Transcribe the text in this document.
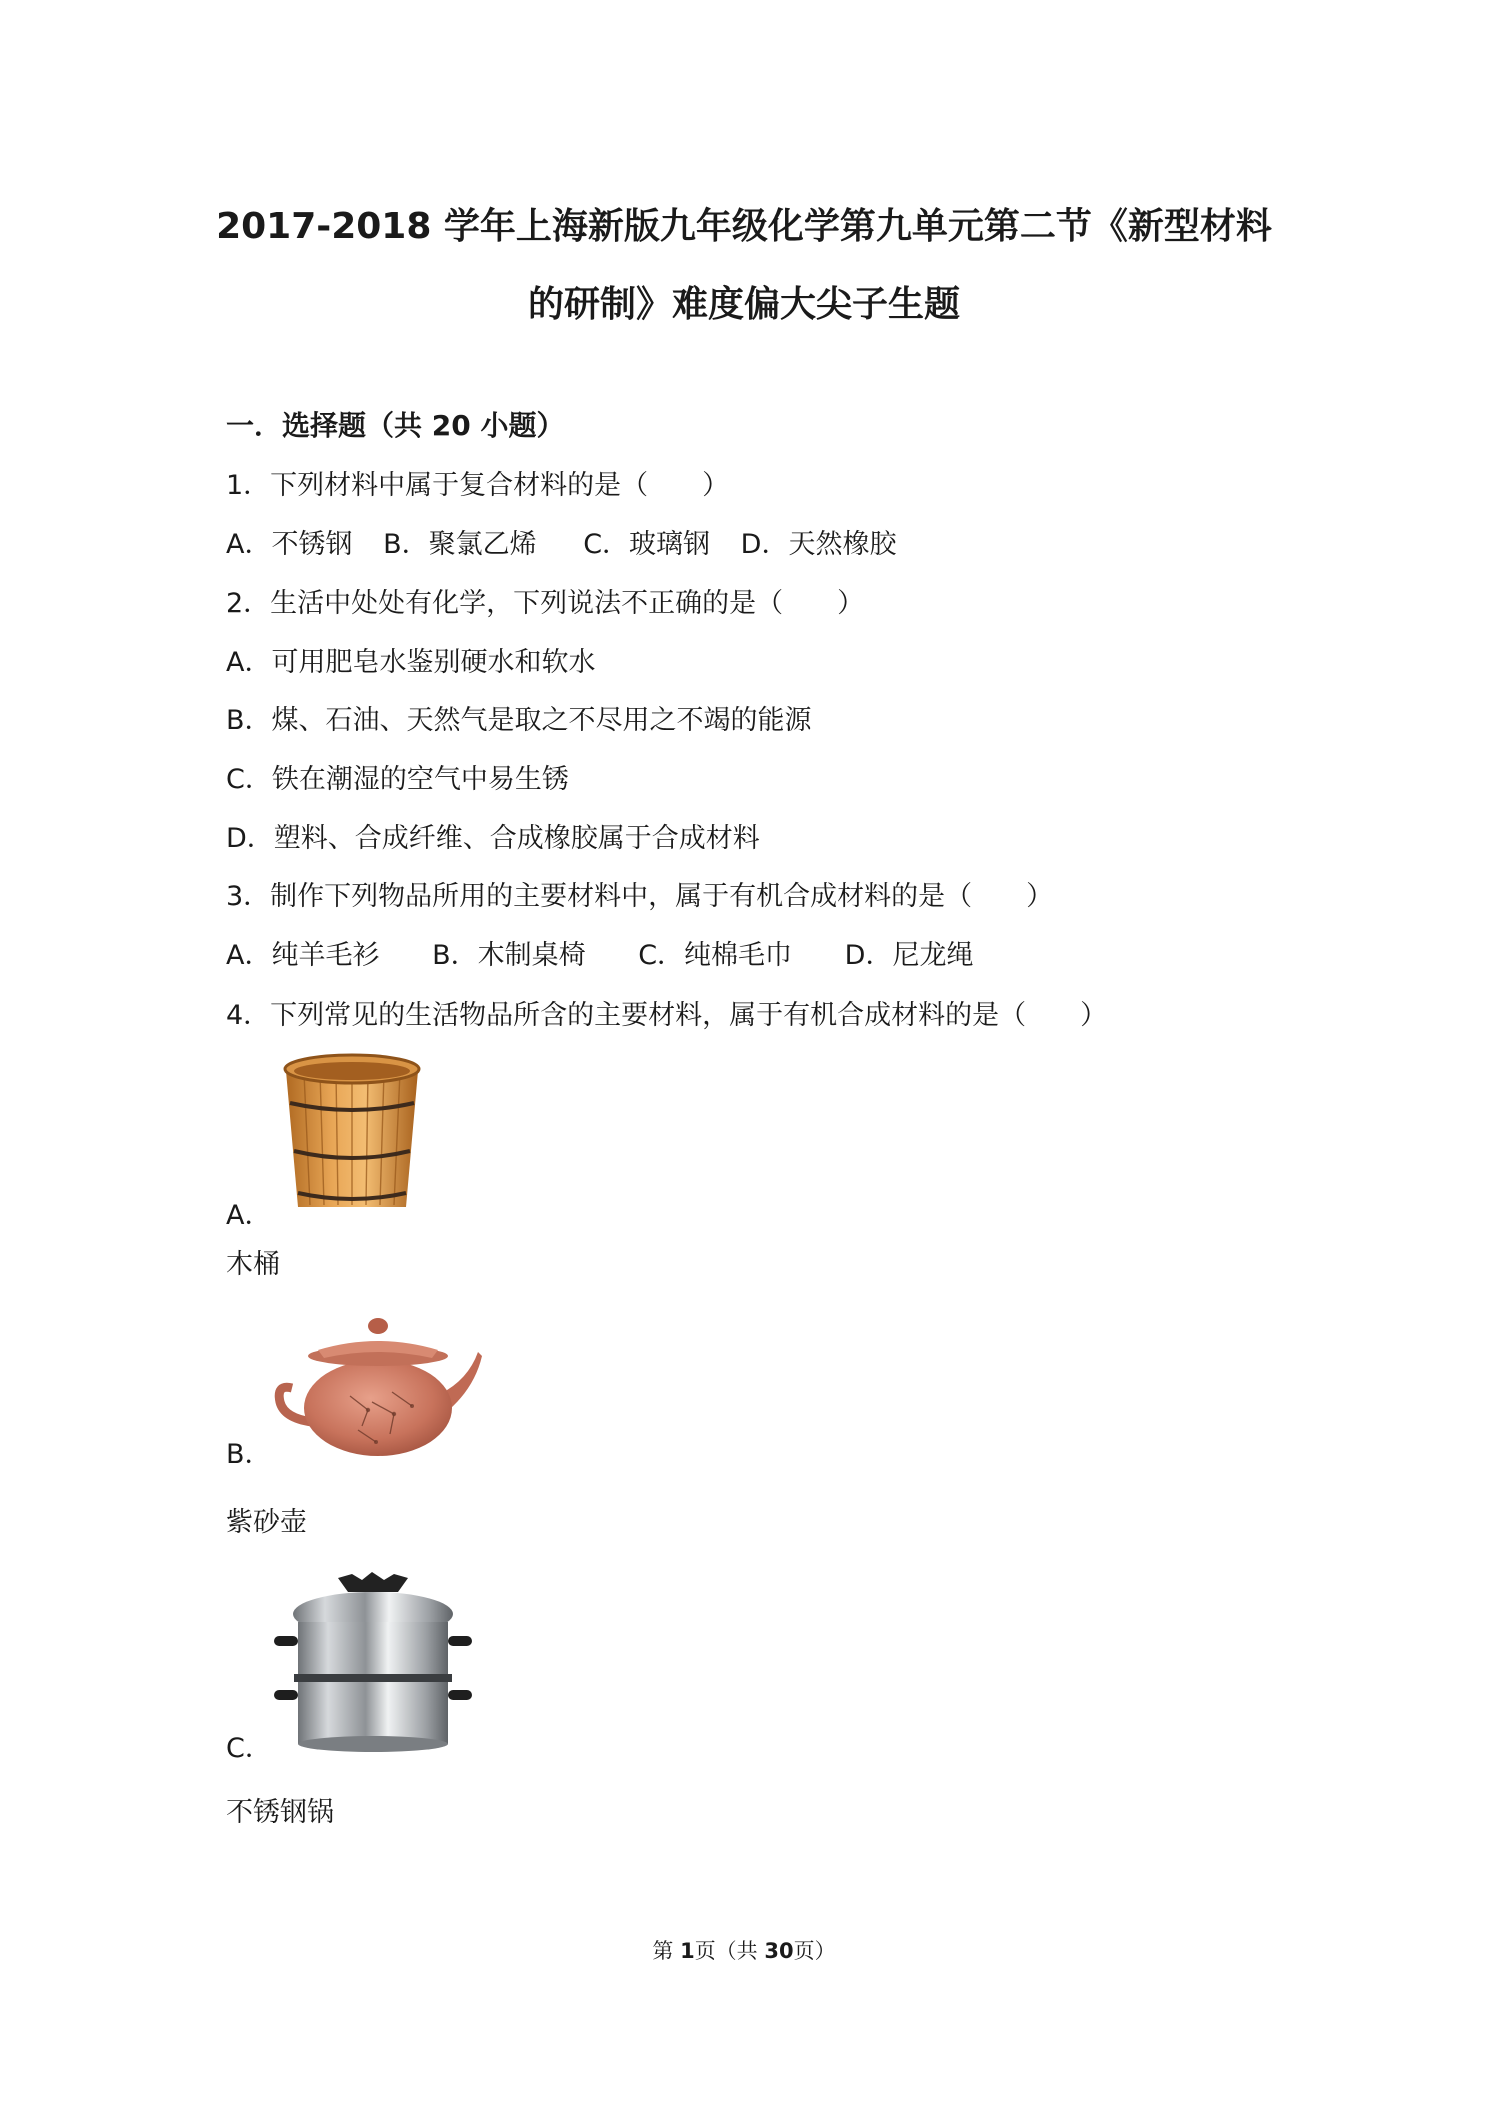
2017-2018 学年上海新版九年级化学第九单元第二节《新型材料
的研制》难度偏大尖子生题
一．选择题（共 20 小题）
1．下列材料中属于复合材料的是（　　）
A．不锈钢 B．聚氯乙烯 C．玻璃钢 D．天然橡胶
2．生活中处处有化学，下列说法不正确的是（　　）
A．可用肥皂水鉴别硬水和软水
B．煤、石油、天然气是取之不尽用之不竭的能源
C．铁在潮湿的空气中易生锈
D．塑料、合成纤维、合成橡胶属于合成材料
3．制作下列物品所用的主要材料中，属于有机合成材料的是（　　）
A．纯羊毛衫 B．木制桌椅 C．纯棉毛巾 D．尼龙绳
4．下列常见的生活物品所含的主要材料，属于有机合成材料的是（　　）
A．
木桶
B．
紫砂壶
C．
不锈钢锅
第 1页（共 30页）
